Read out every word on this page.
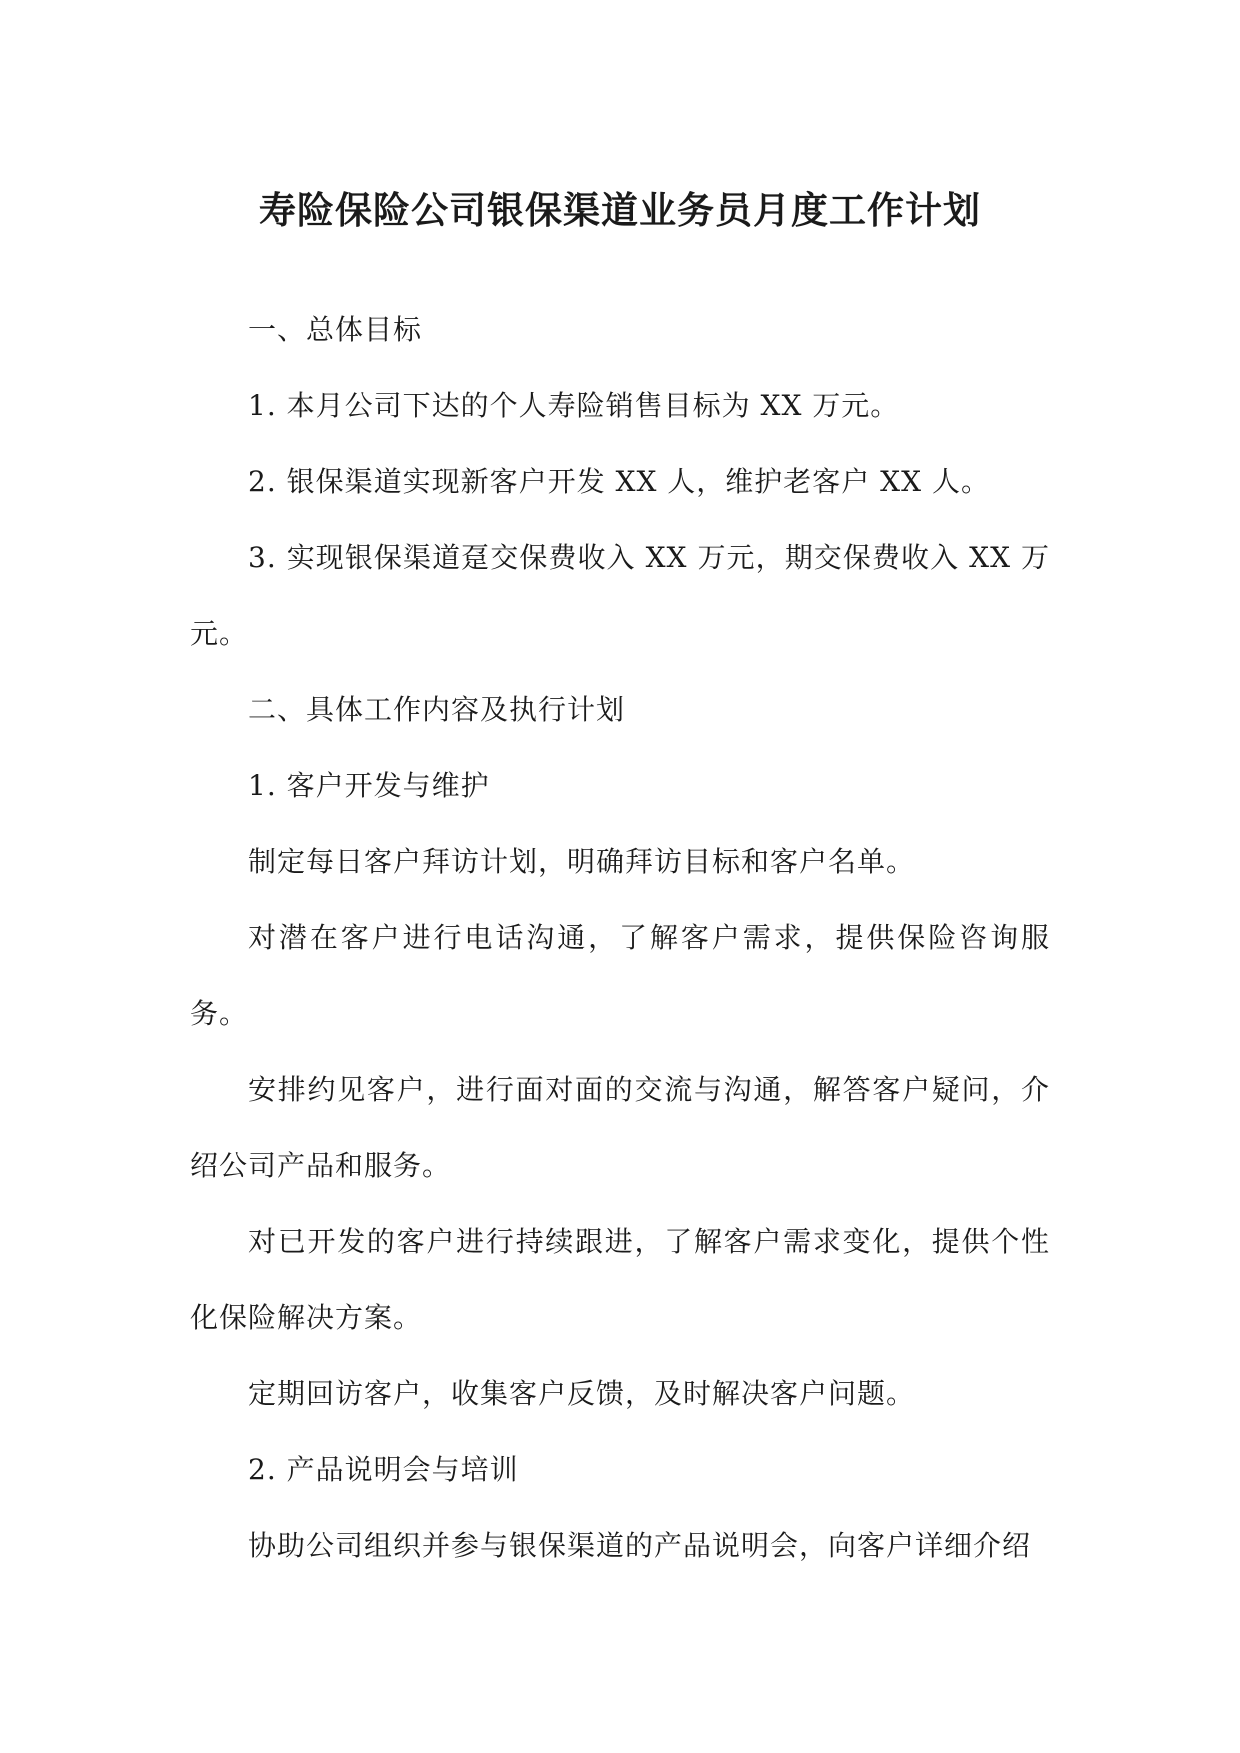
寿险保险公司银保渠道业务员月度工作计划

一、总体目标

1. 本月公司下达的个人寿险销售目标为 XX 万元。

2. 银保渠道实现新客户开发 XX 人，维护老客户 XX 人。

3. 实现银保渠道趸交保费收入 XX 万元，期交保费收入 XX 万元。

二、具体工作内容及执行计划

1. 客户开发与维护

制定每日客户拜访计划，明确拜访目标和客户名单。

对潜在客户进行电话沟通，了解客户需求，提供保险咨询服务。

安排约见客户，进行面对面的交流与沟通，解答客户疑问，介绍公司产品和服务。

对已开发的客户进行持续跟进，了解客户需求变化，提供个性化保险解决方案。

定期回访客户，收集客户反馈，及时解决客户问题。

2. 产品说明会与培训

协助公司组织并参与银保渠道的产品说明会，向客户详细介绍
